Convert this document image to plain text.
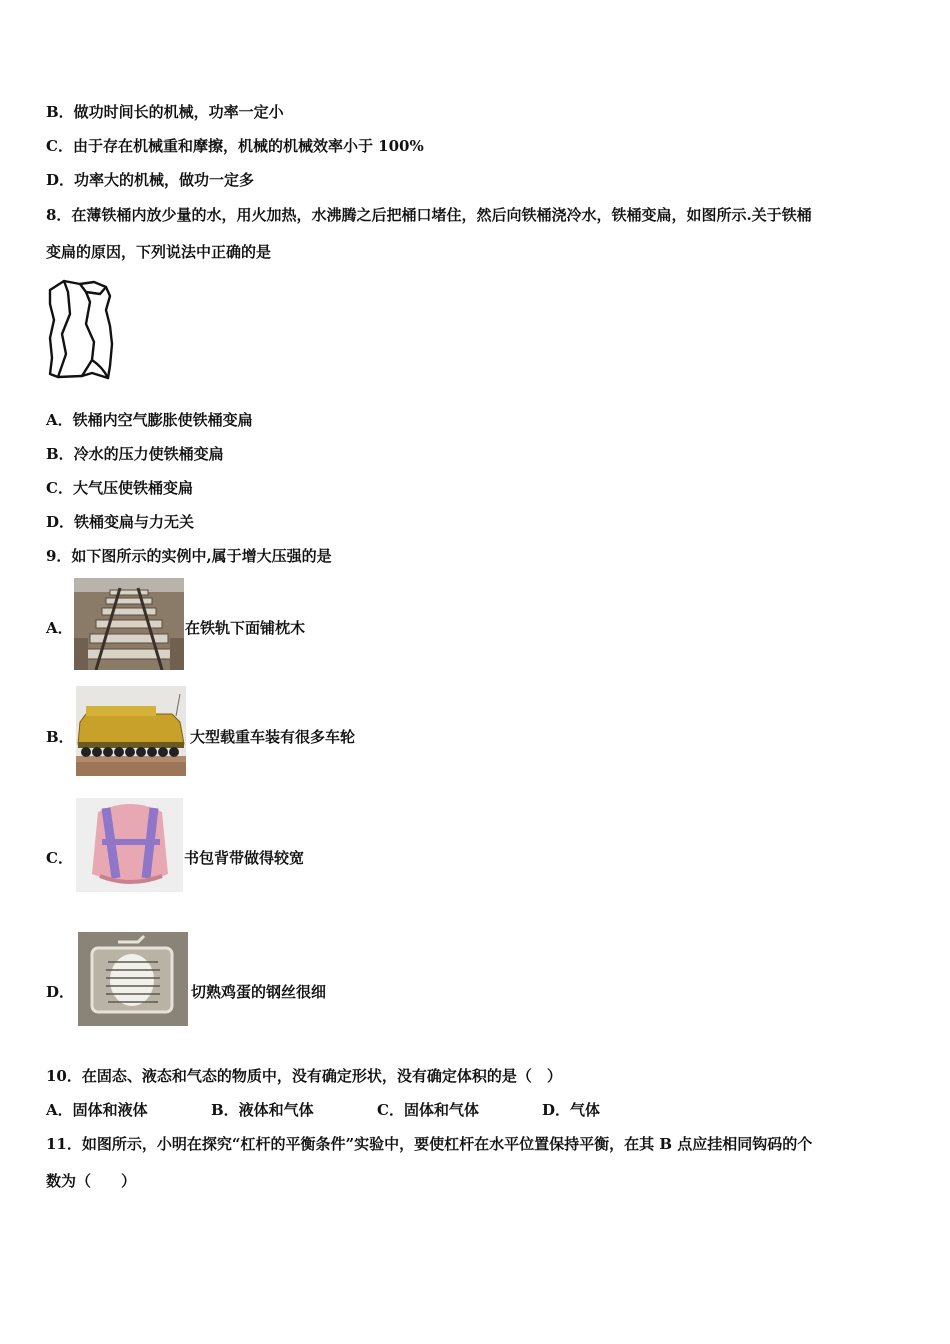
B．做功时间长的机械，功率一定小
C．由于存在机械重和摩擦，机械的机械效率小于 100%
D．功率大的机械，做功一定多
8．在薄铁桶内放少量的水，用火加热，水沸腾之后把桶口堵住，然后向铁桶浇冷水，铁桶变扁，如图所示.关于铁桶
变扁的原因，下列说法中正确的是
A．铁桶内空气膨胀使铁桶变扁
B．冷水的压力使铁桶变扁
C．大气压使铁桶变扁
D．铁桶变扁与力无关
9．如下图所示的实例中,属于增大压强的是
A．	在铁轨下面铺枕木
B．	大型载重车装有很多车轮
C．	书包背带做得较宽
D．	切熟鸡蛋的钢丝很细
10．在固态、液态和气态的物质中，没有确定形状，没有确定体积的是（　）
A．固体和液体	B．液体和气体	C．固体和气体	D．气体
11．如图所示，小明在探究“杠杆的平衡条件”实验中，要使杠杆在水平位置保持平衡，在其 B 点应挂相同钩码的个
数为（　　）
